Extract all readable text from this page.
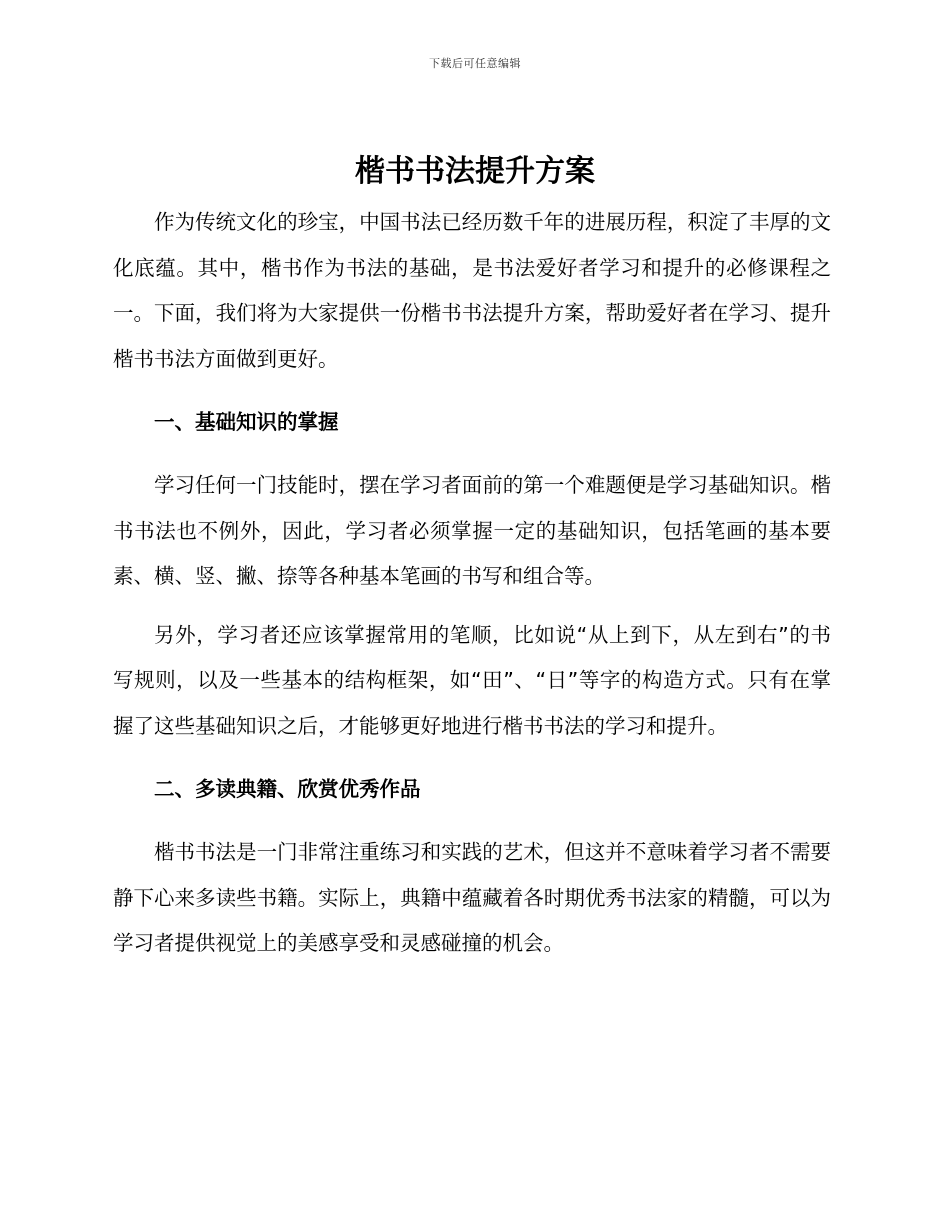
下载后可任意编辑
楷书书法提升方案

作为传统文化的珍宝，中国书法已经历数千年的进展历程，积淀了丰厚的文化底蕴。其中，楷书作为书法的基础，是书法爱好者学习和提升的必修课程之一。下面，我们将为大家提供一份楷书书法提升方案，帮助爱好者在学习、提升楷书书法方面做到更好。

一、基础知识的掌握

学习任何一门技能时，摆在学习者面前的第一个难题便是学习基础知识。楷书书法也不例外，因此，学习者必须掌握一定的基础知识，包括笔画的基本要素、横、竖、撇、捺等各种基本笔画的书写和组合等。

另外，学习者还应该掌握常用的笔顺，比如说“从上到下，从左到右”的书写规则，以及一些基本的结构框架，如“田”、“日”等字的构造方式。只有在掌握了这些基础知识之后，才能够更好地进行楷书书法的学习和提升。

二、多读典籍、欣赏优秀作品

楷书书法是一门非常注重练习和实践的艺术，但这并不意味着学习者不需要静下心来多读些书籍。实际上，典籍中蕴藏着各时期优秀书法家的精髓，可以为学习者提供视觉上的美感享受和灵感碰撞的机会。
